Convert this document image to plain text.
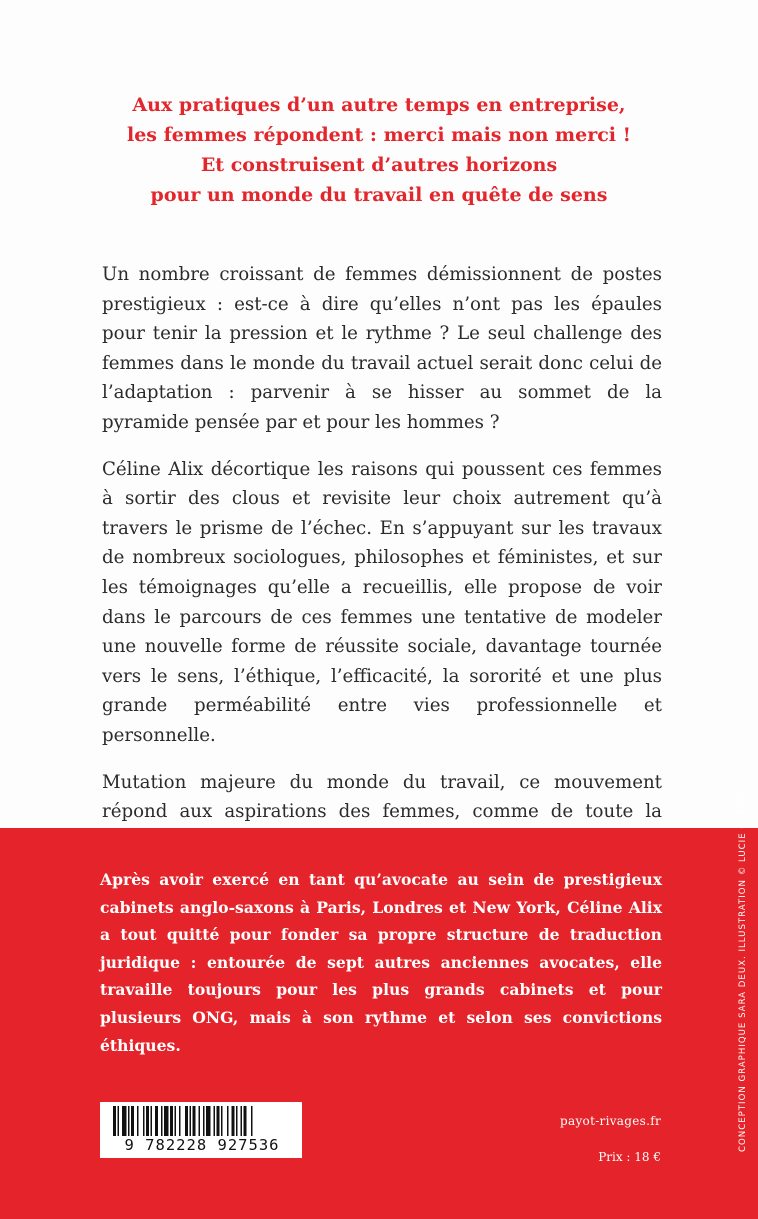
Aux pratiques d’un autre temps en entreprise,
les femmes répondent : merci mais non merci !
Et construisent d’autres horizons
pour un monde du travail en quête de sens

Un nombre croissant de femmes démissionnent de postes prestigieux : est-ce à dire qu’elles n’ont pas les épaules pour tenir la pression et le rythme ? Le seul challenge des femmes dans le monde du travail actuel serait donc celui de l’adaptation : parvenir à se hisser au sommet de la pyramide pensée par et pour les hommes ?

Céline Alix décortique les raisons qui poussent ces femmes à sortir des clous et revisite leur choix autrement qu’à travers le prisme de l’échec. En s’appuyant sur les travaux de nombreux sociologues, philosophes et féministes, et sur les témoignages qu’elle a recueillis, elle propose de voir dans le parcours de ces femmes une tentative de modeler une nouvelle forme de réussite sociale, davantage tournée vers le sens, l’éthique, l’efficacité, la sororité et une plus grande perméabilité entre vies professionnelle et personnelle.

Mutation majeure du monde du travail, ce mouvement répond aux aspirations des femmes, comme de toute la

Après avoir exercé en tant qu’avocate au sein de prestigieux cabinets anglo-saxons à Paris, Londres et New York, Céline Alix a tout quitté pour fonder sa propre structure de traduction juridique : entourée de sept autres anciennes avocates, elle travaille toujours pour les plus grands cabinets et pour plusieurs ONG, mais à son rythme et selon ses convictions éthiques.
9 782228 927536
payot-rivages.fr
Prix : 18 €
CONCEPTION GRAPHIQUE SARA DEUX. ILLUSTRATION © LUCIE CARON
